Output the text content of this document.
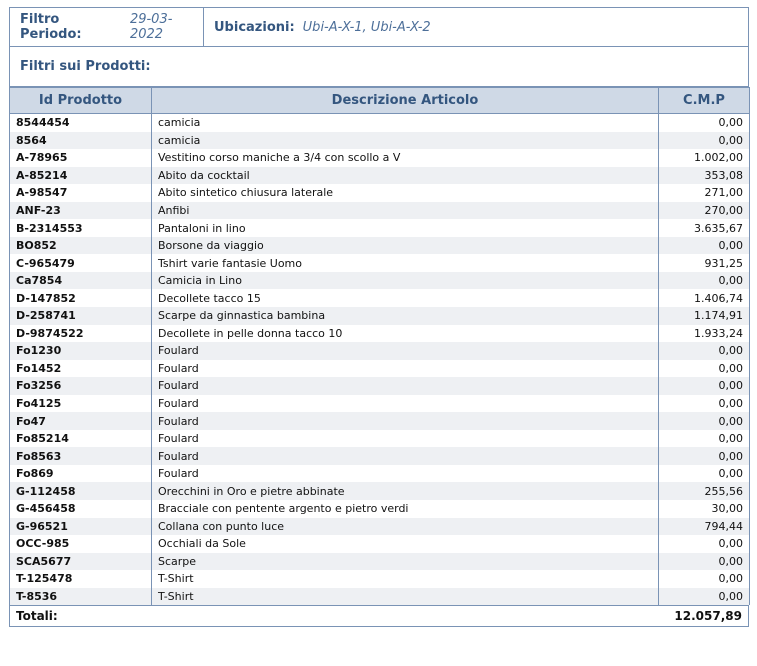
Filtro Periodo:
29-03-2022	Ubicazioni: Ubi-A-X-1, Ubi-A-X-2
Filtri sui Prodotti:
Id Prodotto	Descrizione Articolo	C.M.P
8544454	camicia	0,00
8564	camicia	0,00
A-78965	Vestitino corso maniche a 3/4 con scollo a V	1.002,00
A-85214	Abito da cocktail	353,08
A-98547	Abito sintetico chiusura laterale	271,00
ANF-23	Anfibi	270,00
B-2314553	Pantaloni in lino	3.635,67
BO852	Borsone da viaggio	0,00
C-965479	Tshirt varie fantasie Uomo	931,25
Ca7854	Camicia in Lino	0,00
D-147852	Decollete tacco 15	1.406,74
D-258741	Scarpe da ginnastica bambina	1.174,91
D-9874522	Decollete in pelle donna tacco 10	1.933,24
Fo1230	Foulard	0,00
Fo1452	Foulard	0,00
Fo3256	Foulard	0,00
Fo4125	Foulard	0,00
Fo47	Foulard	0,00
Fo85214	Foulard	0,00
Fo8563	Foulard	0,00
Fo869	Foulard	0,00
G-112458	Orecchini in Oro e pietre abbinate	255,56
G-456458	Bracciale con pentente argento e pietro verdi	30,00
G-96521	Collana con punto luce	794,44
OCC-985	Occhiali da Sole	0,00
SCA5677	Scarpe	0,00
T-125478	T-Shirt	0,00
T-8536	T-Shirt	0,00
Totali:	12.057,89
